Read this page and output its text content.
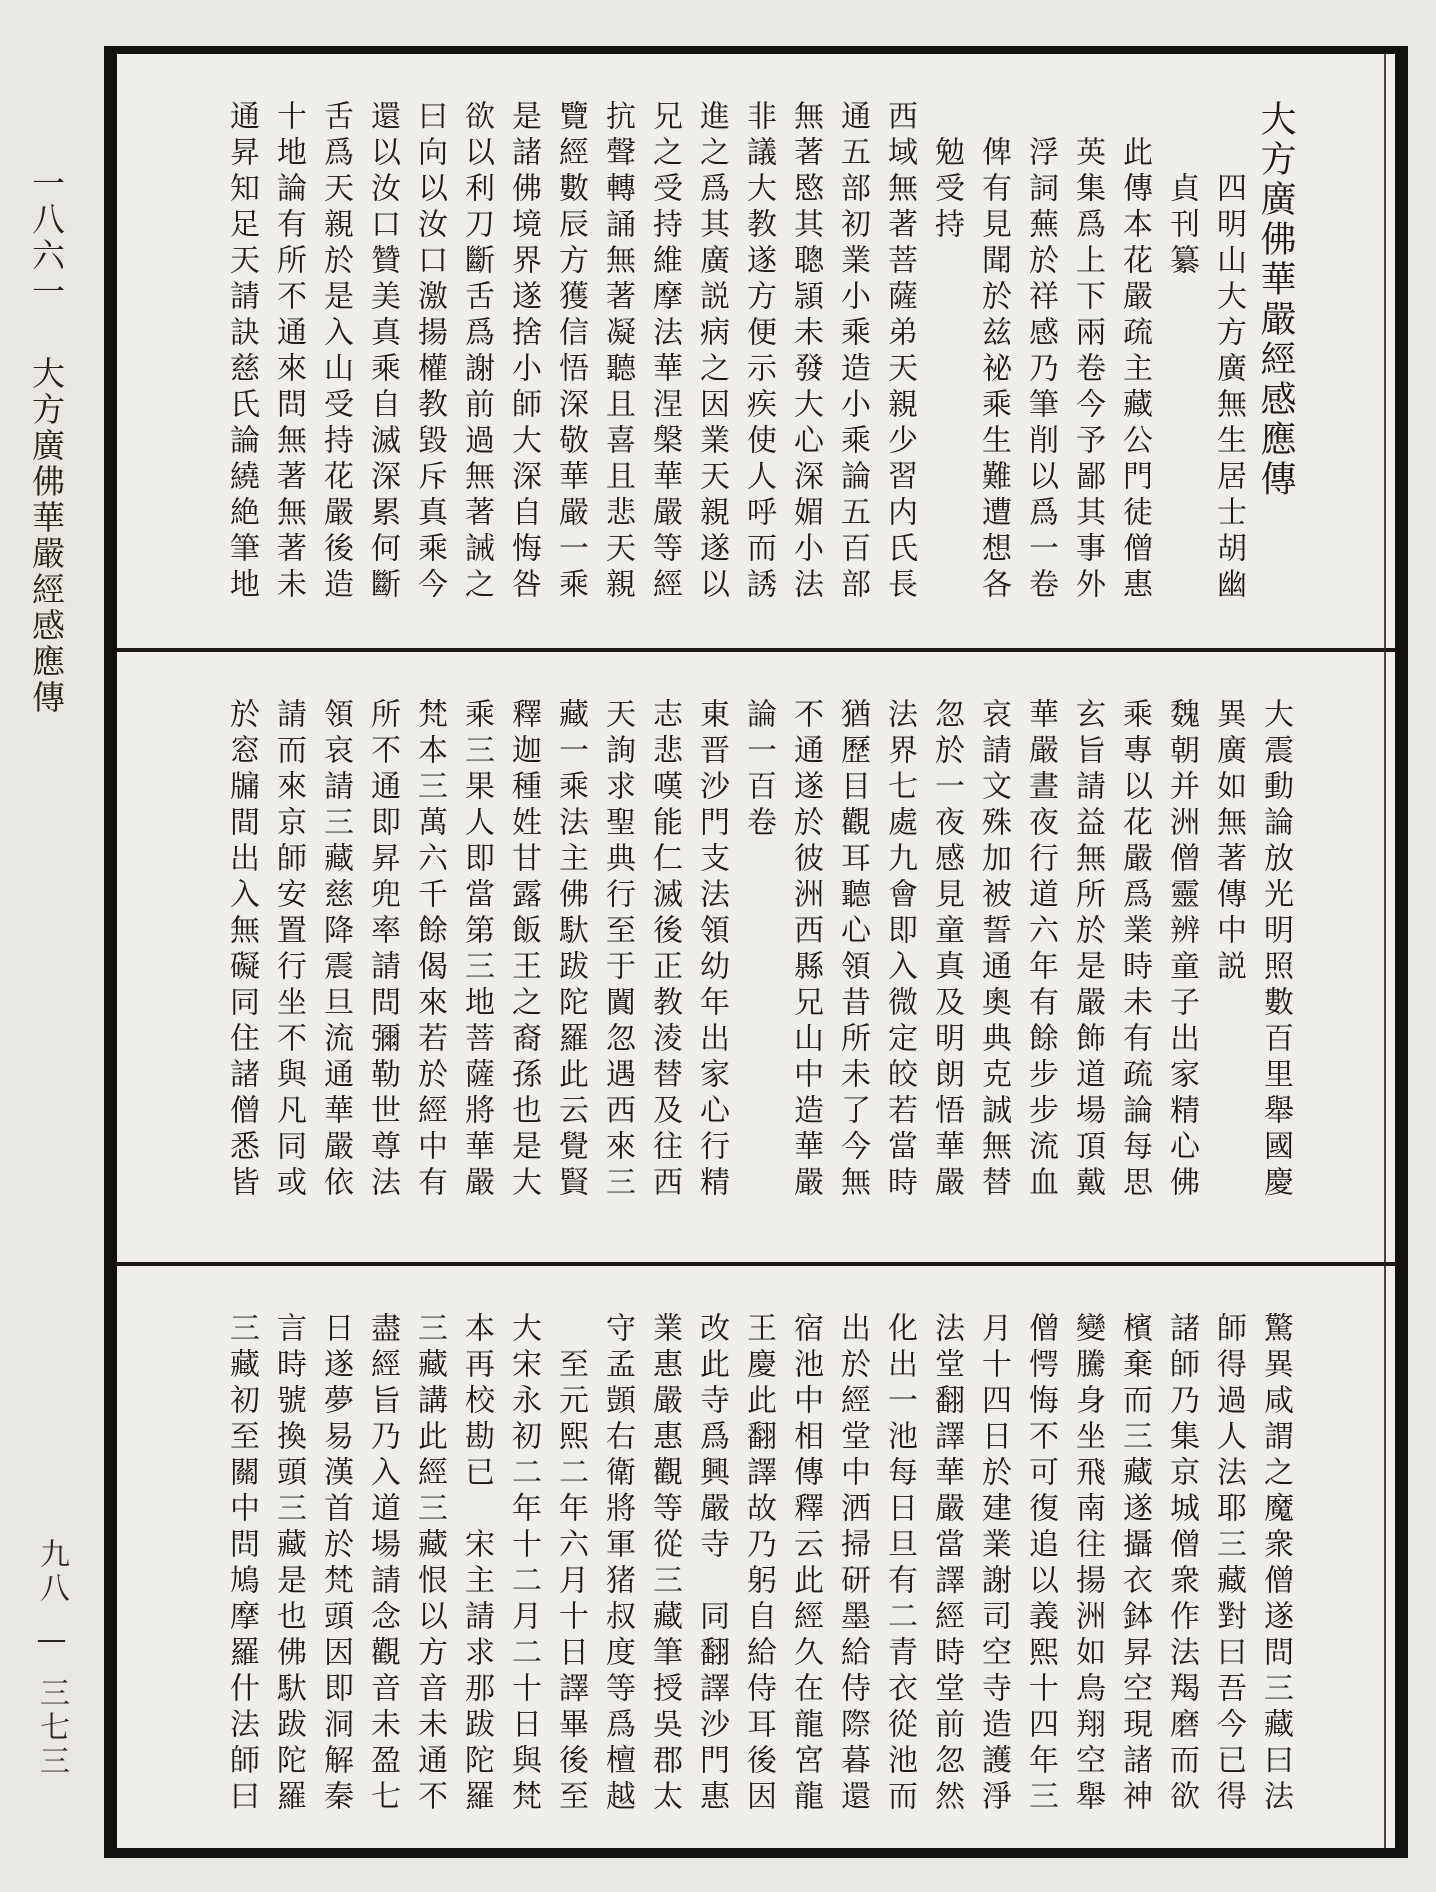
一八六一大方廣佛華嚴經感應傳
九八—三七三
大方廣佛華嚴經感應傳
　　四明山大方廣無生居士胡幽
　　貞刊纂
　此傳本花嚴疏主藏公門徒僧惠
　英集爲上下兩卷今予鄙其事外
　浮詞蕪於祥感乃筆削以爲一卷
　俾有見聞於兹祕乘生難遭想各
　勉受持
西域無著菩薩弟天親少習内氏長
通五部初業小乘造小乘論五百部
無著愍其聰頴未發大心深媚小法
非議大教遂方便示疾使人呼而誘
進之爲其廣説病之因業天親遂以
兄之受持維摩法華涅槃華嚴等經
抗聲轉誦無著凝聽且喜且悲天親
覽經數辰方獲信悟深敬華嚴一乘
是諸佛境界遂捨小師大深自悔咎
欲以利刀斷舌爲謝前過無著誡之
曰向以汝口激揚權教毀斥真乘今
還以汝口贊美真乘自滅深累何斷
舌爲天親於是入山受持花嚴後造
十地論有所不通來問無著無著未
通昇知足天請訣慈氏論繞絶筆地
大震動論放光明照數百里舉國慶
異廣如無著傳中説
魏朝并洲僧靈辨童子出家精心佛
乘專以花嚴爲業時未有疏論每思
玄旨請益無所於是嚴飾道場頂戴
華嚴晝夜行道六年有餘步步流血
哀請文殊加被誓通奧典克誠無替
忽於一夜感見童真及明朗悟華嚴
法界七處九會即入微定皎若當時
猶歷目觀耳聽心領昔所未了今無
不通遂於彼洲西縣兄山中造華嚴
論一百卷
東晋沙門支法領幼年出家心行精
志悲嘆能仁滅後正教淩替及往西
天詢求聖典行至于闐忽遇西來三
藏一乘法主佛馱跋陀羅此云覺賢
釋迦種姓甘露飯王之裔孫也是大
乘三果人即當第三地菩薩將華嚴
梵本三萬六千餘偈來若於經中有
所不通即昇兜率請問彌勒世尊法
領哀請三藏慈降震旦流通華嚴依
請而來京師安置行坐不與凡同或
於窓牖間出入無礙同住諸僧悉皆
驚異咸謂之魔衆僧遂問三藏曰法
師得過人法耶三藏對曰吾今已得
諸師乃集京城僧衆作法羯磨而欲
檳棄而三藏遂攝衣鉢昇空現諸神
變騰身坐飛南往揚洲如鳥翔空舉
僧愕悔不可復追以義熙十四年三
月十四日於建業謝司空寺造護淨
法堂翻譯華嚴當譯經時堂前忽然
化出一池每日旦有二青衣從池而
出於經堂中洒掃研墨給侍際暮還
宿池中相傳釋云此經久在龍宮龍
王慶此翻譯故乃躬自給侍耳後因
改此寺爲興嚴寺　同翻譯沙門惠
業惠嚴惠觀等從三藏筆授吳郡太
守孟顗右衛將軍猪叔度等爲檀越
　至元熙二年六月十日譯畢後至
大宋永初二年十二月二十日與梵
本再校勘已　宋主請求那跋陀羅
三藏講此經三藏恨以方音未通不
盡經旨乃入道場請念觀音未盈七
日遂夢易漢首於梵頭因即洞解秦
言時號換頭三藏是也佛馱跋陀羅
三藏初至關中問鳩摩羅什法師曰
